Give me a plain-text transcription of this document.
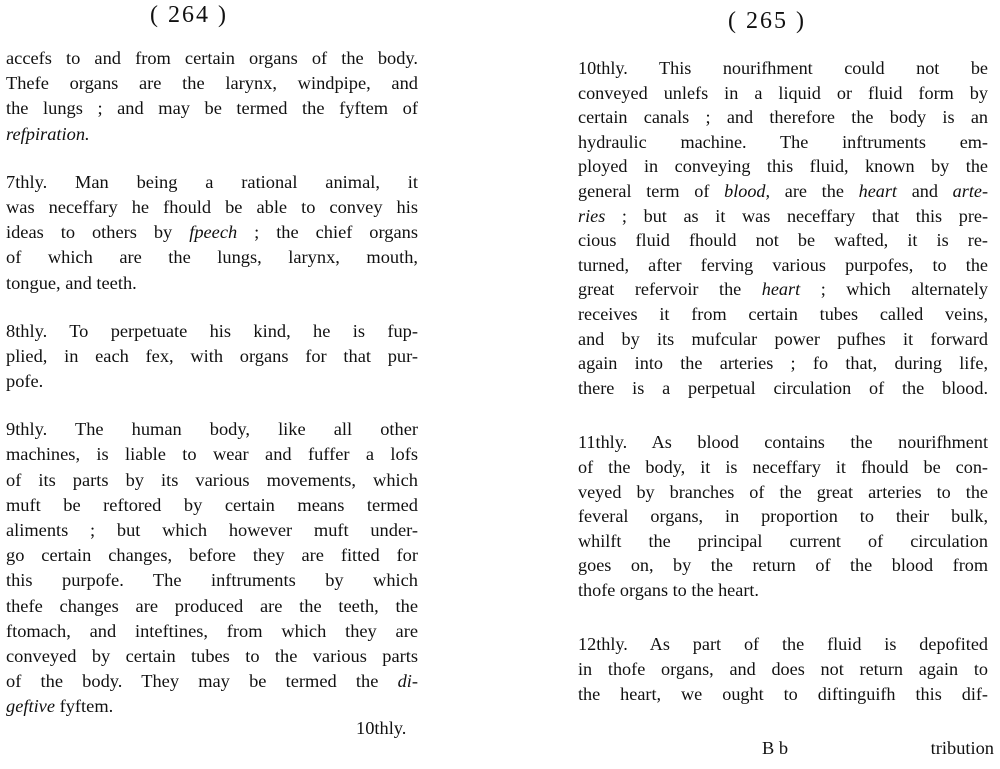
( 264 )
accefs to and from certain organs of the body.
Thefe organs are the larynx, windpipe, and
the lungs ; and may be termed the fyftem of
refpiration.
7thly. Man being a rational animal, it
was neceffary he fhould be able to convey his
ideas to others by fpeech ; the chief organs
of which are the lungs, larynx, mouth,
tongue, and teeth.
8thly. To perpetuate his kind, he is fup-
plied, in each fex, with organs for that pur-
pofe.
9thly. The human body, like all other
machines, is liable to wear and fuffer a lofs
of its parts by its various movements, which
muft be reftored by certain means termed
aliments ; but which however muft under-
go certain changes, before they are fitted for
this purpofe. The inftruments by which
thefe changes are produced are the teeth, the
ftomach, and inteftines, from which they are
conveyed by certain tubes to the various parts
of the body. They may be termed the di-
geftive fyftem.
10thly.
( 265 )
10thly. This nourifhment could not be
conveyed unlefs in a liquid or fluid form by
certain canals ; and therefore the body is an
hydraulic machine. The inftruments em-
ployed in conveying this fluid, known by the
general term of blood, are the heart and arte-
ries ; but as it was neceffary that this pre-
cious fluid fhould not be wafted, it is re-
turned, after ferving various purpofes, to the
great refervoir the heart ; which alternately
receives it from certain tubes called veins,
and by its mufcular power pufhes it forward
again into the arteries ; fo that, during life,
there is a perpetual circulation of the blood.
11thly. As blood contains the nourifhment
of the body, it is neceffary it fhould be con-
veyed by branches of the great arteries to the
feveral organs, in proportion to their bulk,
whilft the principal current of circulation
goes on, by the return of the blood from
thofe organs to the heart.
12thly. As part of the fluid is depofited
in thofe organs, and does not return again to
the heart, we ought to diftinguifh this dif-
B b	tribution
